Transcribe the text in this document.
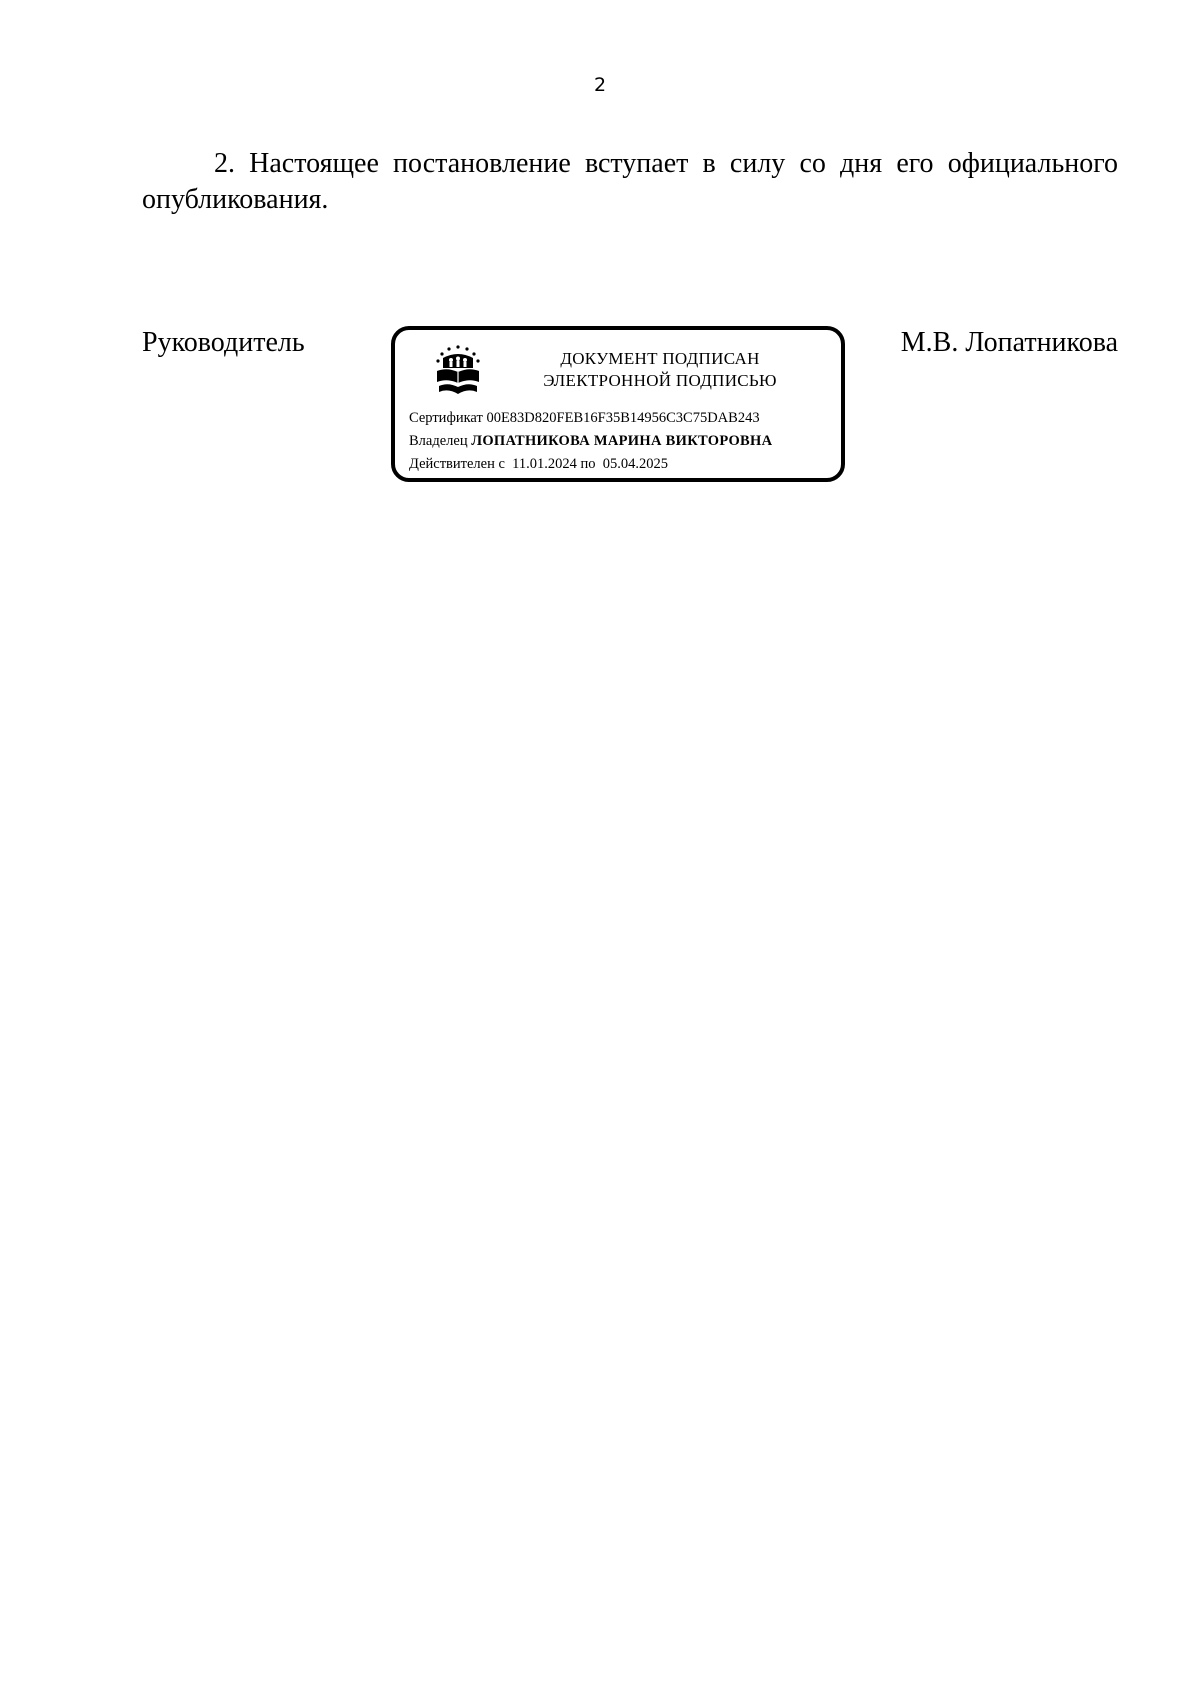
2

2. Настоящее постановление вступает в силу со дня его официального опубликования.

Руководитель
ДОКУМЕНТ ПОДПИСАН
ЭЛЕКТРОННОЙ ПОДПИСЬЮ
Сертификат 00E83D820FEB16F35B14956C3C75DAB243
Владелец ЛОПАТНИКОВА МАРИНА ВИКТОРОВНА
Действителен с 11.01.2024 по 05.04.2025
М.В. Лопатникова
